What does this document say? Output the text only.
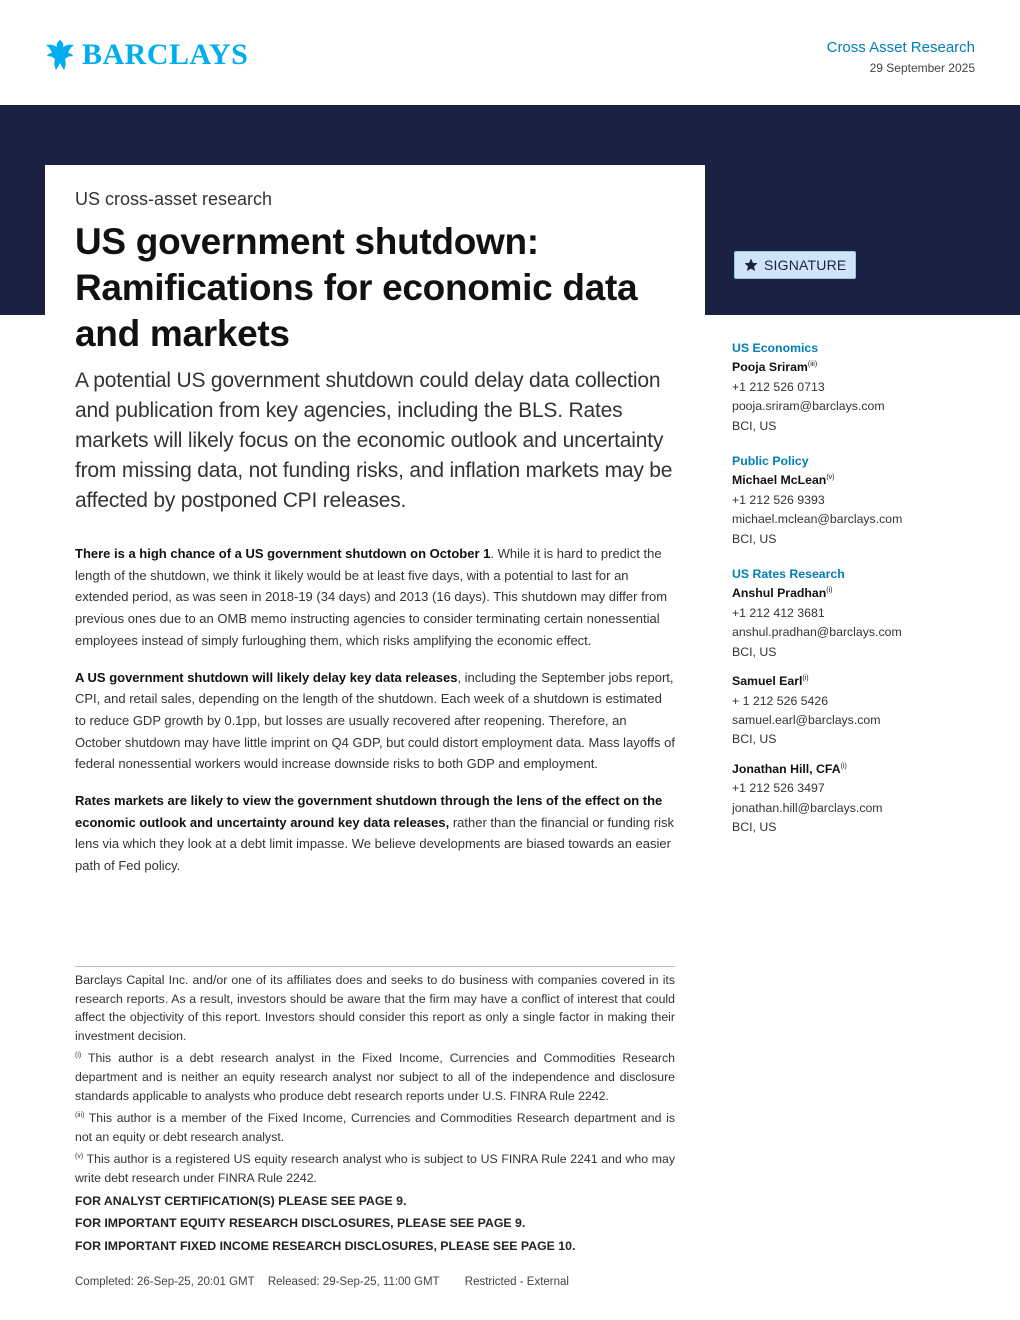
BARCLAYS	Cross Asset Research
29 September 2025
US cross-asset research
US government shutdown: Ramifications for economic data and markets
A potential US government shutdown could delay data collection and publication from key agencies, including the BLS. Rates markets will likely focus on the economic outlook and uncertainty from missing data, not funding risks, and inflation markets may be affected by postponed CPI releases.
SIGNATURE

There is a high chance of a US government shutdown on October 1. While it is hard to predict the length of the shutdown, we think it likely would be at least five days, with a potential to last for an extended period, as was seen in 2018-19 (34 days) and 2013 (16 days). This shutdown may differ from previous ones due to an OMB memo instructing agencies to consider terminating certain nonessential employees instead of simply furloughing them, which risks amplifying the economic effect.

A US government shutdown will likely delay key data releases, including the September jobs report, CPI, and retail sales, depending on the length of the shutdown. Each week of a shutdown is estimated to reduce GDP growth by 0.1pp, but losses are usually recovered after reopening. Therefore, an October shutdown may have little imprint on Q4 GDP, but could distort employment data. Mass layoffs of federal nonessential workers would increase downside risks to both GDP and employment.

Rates markets are likely to view the government shutdown through the lens of the effect on the economic outlook and uncertainty around key data releases, rather than the financial or funding risk lens via which they look at a debt limit impasse. We believe developments are biased towards an easier path of Fed policy.

US Economics
Pooja Sriram$^{(iii)}$
+1 212 526 0713
pooja.sriram@barclays.com
BCI, US
Public Policy
Michael McLean$^{(v)}$
+1 212 526 9393
michael.mclean@barclays.com
BCI, US
US Rates Research
Anshul Pradhan$^{(i)}$
+1 212 412 3681
anshul.pradhan@barclays.com
BCI, US
Samuel Earl$^{(i)}$
+ 1 212 526 5426
samuel.earl@barclays.com
BCI, US
Jonathan Hill, $CFA^{(i)}$
+1 212 526 3497
jonathan.hill@barclays.com
BCI, US

Barclays Capital Inc. and/or one of its affiliates does and seeks to do business with companies covered in its research reports. As a result, investors should be aware that the firm may have a conflict of interest that could affect the objectivity of this report. Investors should consider this report as only a single factor in making their investment decision.

$^{(i)}$ This author is a debt research analyst in the Fixed Income, Currencies and Commodities Research department and is neither an equity research analyst nor subject to all of the independence and disclosure standards applicable to analysts who produce debt research reports under U.S. FINRA Rule 2242.

$^{(iii)}$ This author is a member of the Fixed Income, Currencies and Commodities Research department and is not an equity or debt research analyst.

$^{(v)}$ This author is a registered US equity research analyst who is subject to US FINRA Rule 2241 and who may write debt research under FINRA Rule 2242.

FOR ANALYST CERTIFICATION(S) PLEASE SEE PAGE 9.

FOR IMPORTANT EQUITY RESEARCH DISCLOSURES, PLEASE SEE PAGE 9.

FOR IMPORTANT FIXED INCOME RESEARCH DISCLOSURES, PLEASE SEE PAGE 10.

Completed: 26-Sep-25, 20:01 GMT Released: 29-Sep-25, 11:00 GMT Restricted - External
